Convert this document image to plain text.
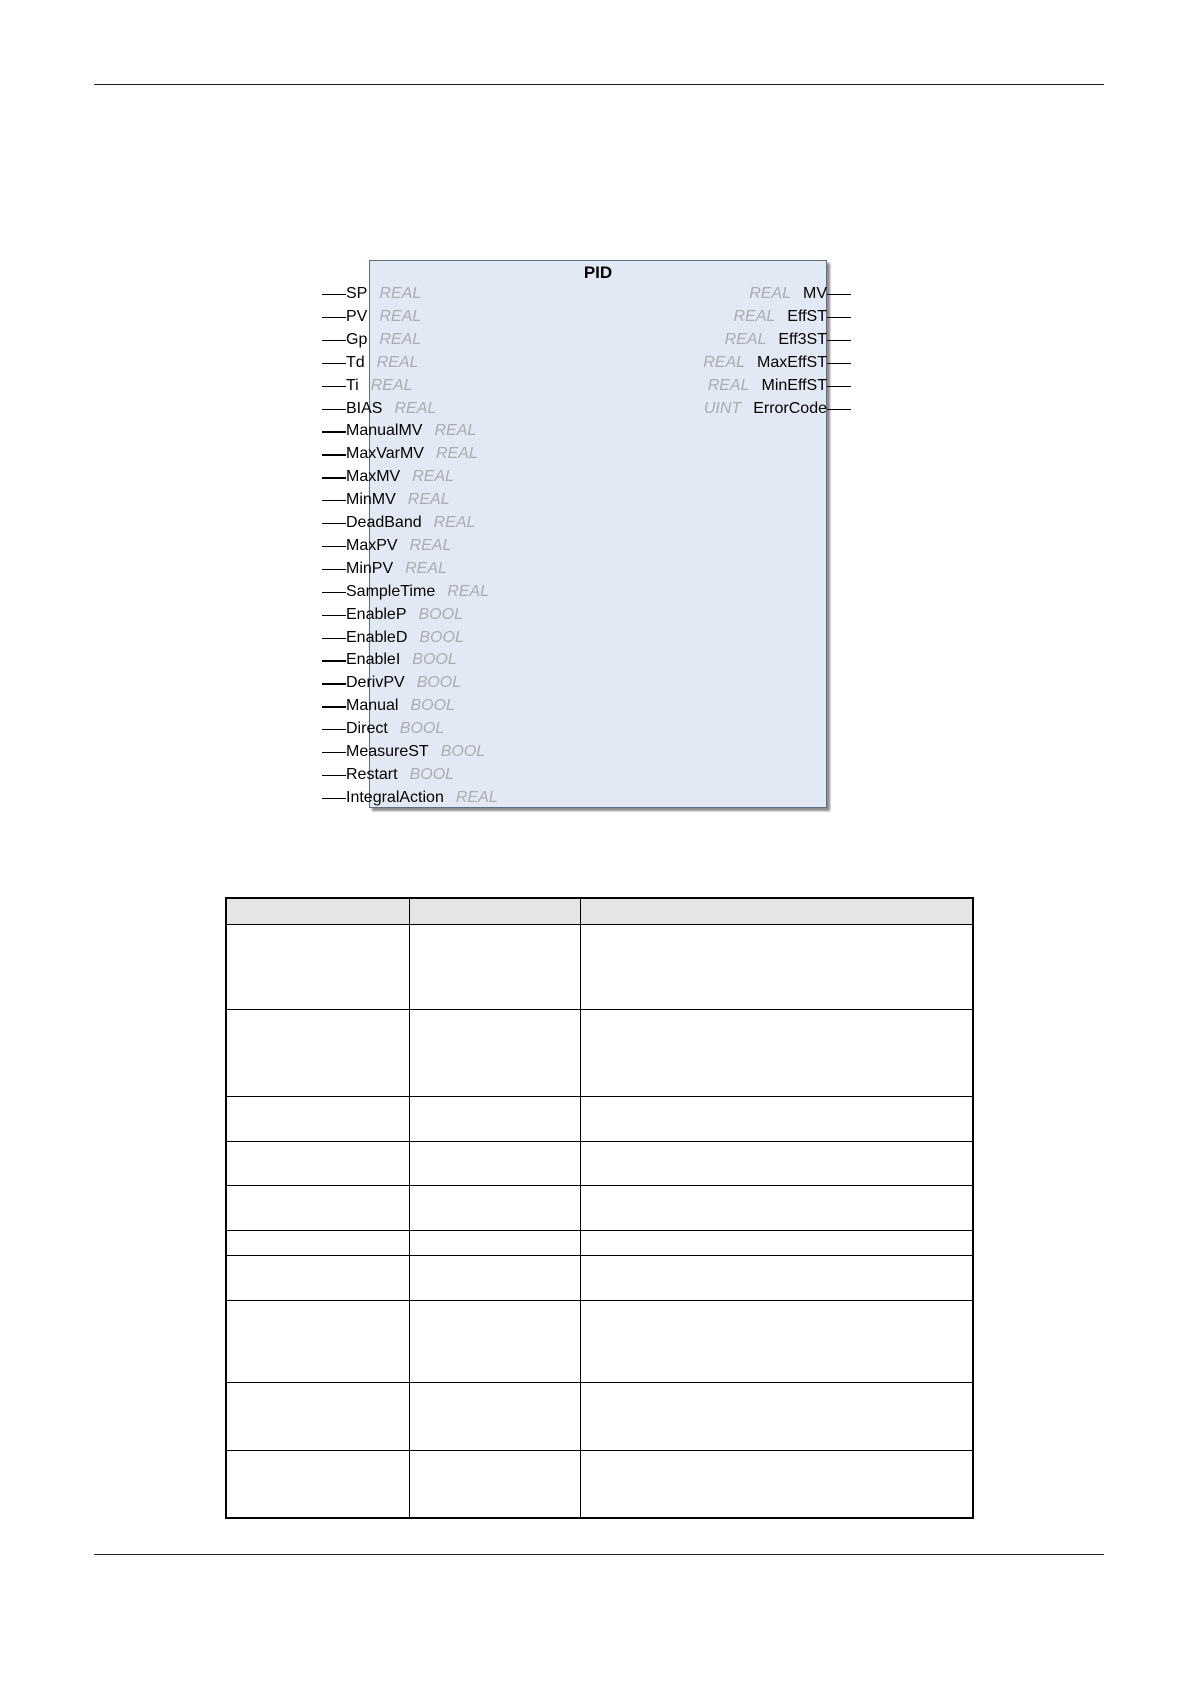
PID
SP REAL
PV REAL
Gp REAL
Td REAL
Ti REAL
BIAS REAL
ManualMV REAL
MaxVarMV REAL
MaxMV REAL
MinMV REAL
DeadBand REAL
MaxPV REAL
MinPV REAL
SampleTime REAL
EnableP BOOL
EnableD BOOL
EnableI BOOL
DerivPV BOOL
Manual BOOL
Direct BOOL
MeasureST BOOL
Restart BOOL
IntegralAction REAL
REAL MV
REAL EffST
REAL Eff3ST
REAL MaxEffST
REAL MinEffST
UINT ErrorCode
